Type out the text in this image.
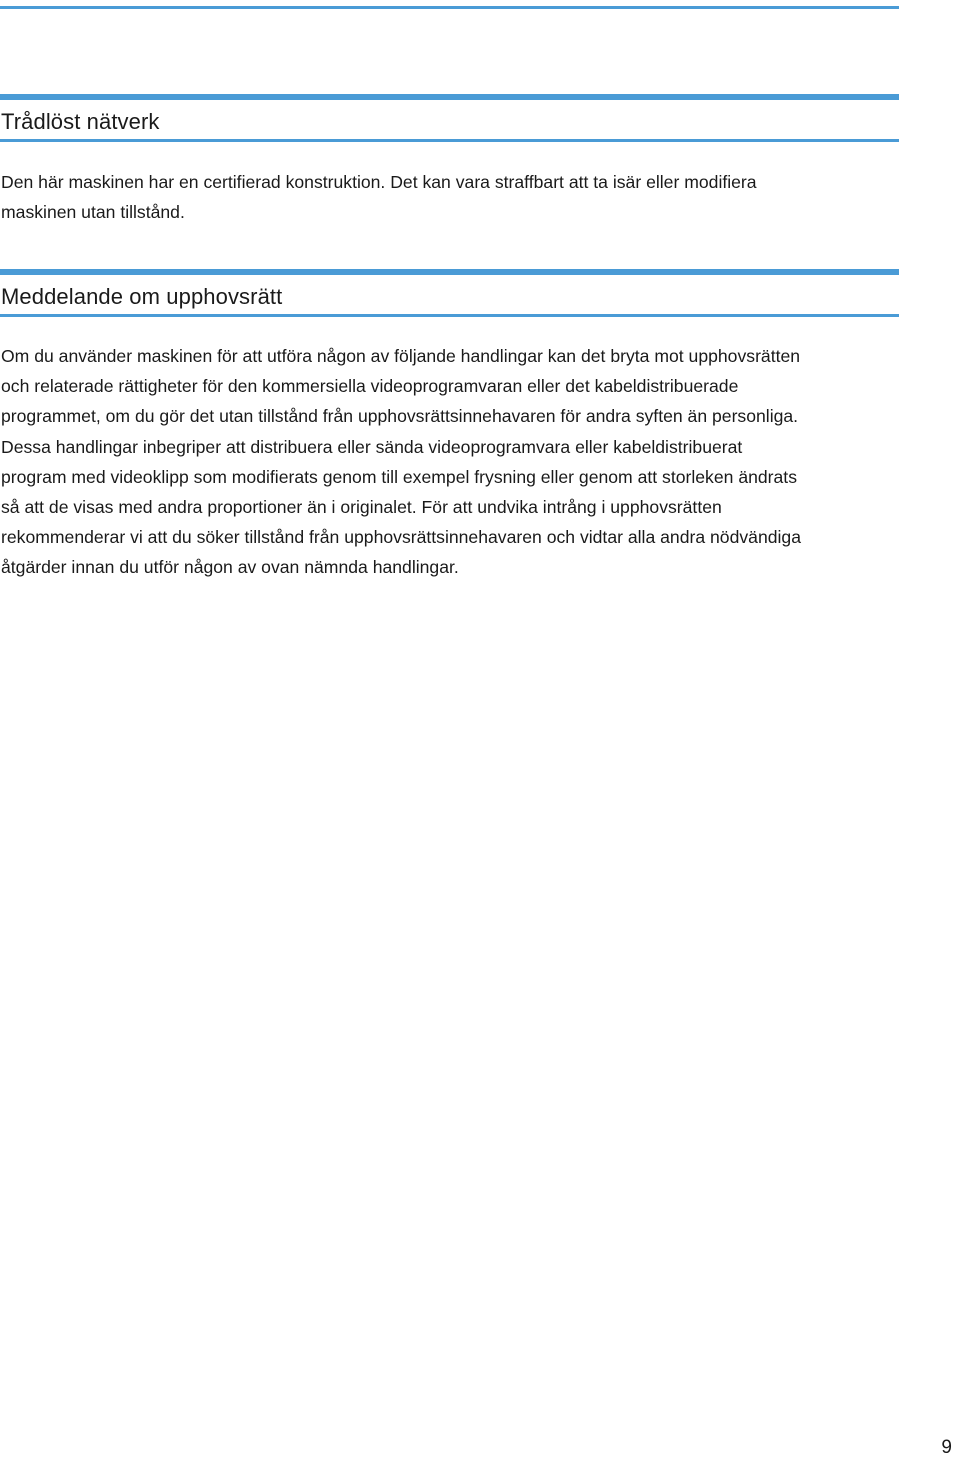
Trådlöst nätverk

Den här maskinen har en certifierad konstruktion. Det kan vara straffbart att ta isär eller modifiera
maskinen utan tillstånd.

Meddelande om upphovsrätt

Om du använder maskinen för att utföra någon av följande handlingar kan det bryta mot upphovsrätten
och relaterade rättigheter för den kommersiella videoprogramvaran eller det kabeldistribuerade
programmet, om du gör det utan tillstånd från upphovsrättsinnehavaren för andra syften än personliga.
Dessa handlingar inbegriper att distribuera eller sända videoprogramvara eller kabeldistribuerat
program med videoklipp som modifierats genom till exempel frysning eller genom att storleken ändrats
så att de visas med andra proportioner än i originalet. För att undvika intrång i upphovsrätten
rekommenderar vi att du söker tillstånd från upphovsrättsinnehavaren och vidtar alla andra nödvändiga
åtgärder innan du utför någon av ovan nämnda handlingar.

9
